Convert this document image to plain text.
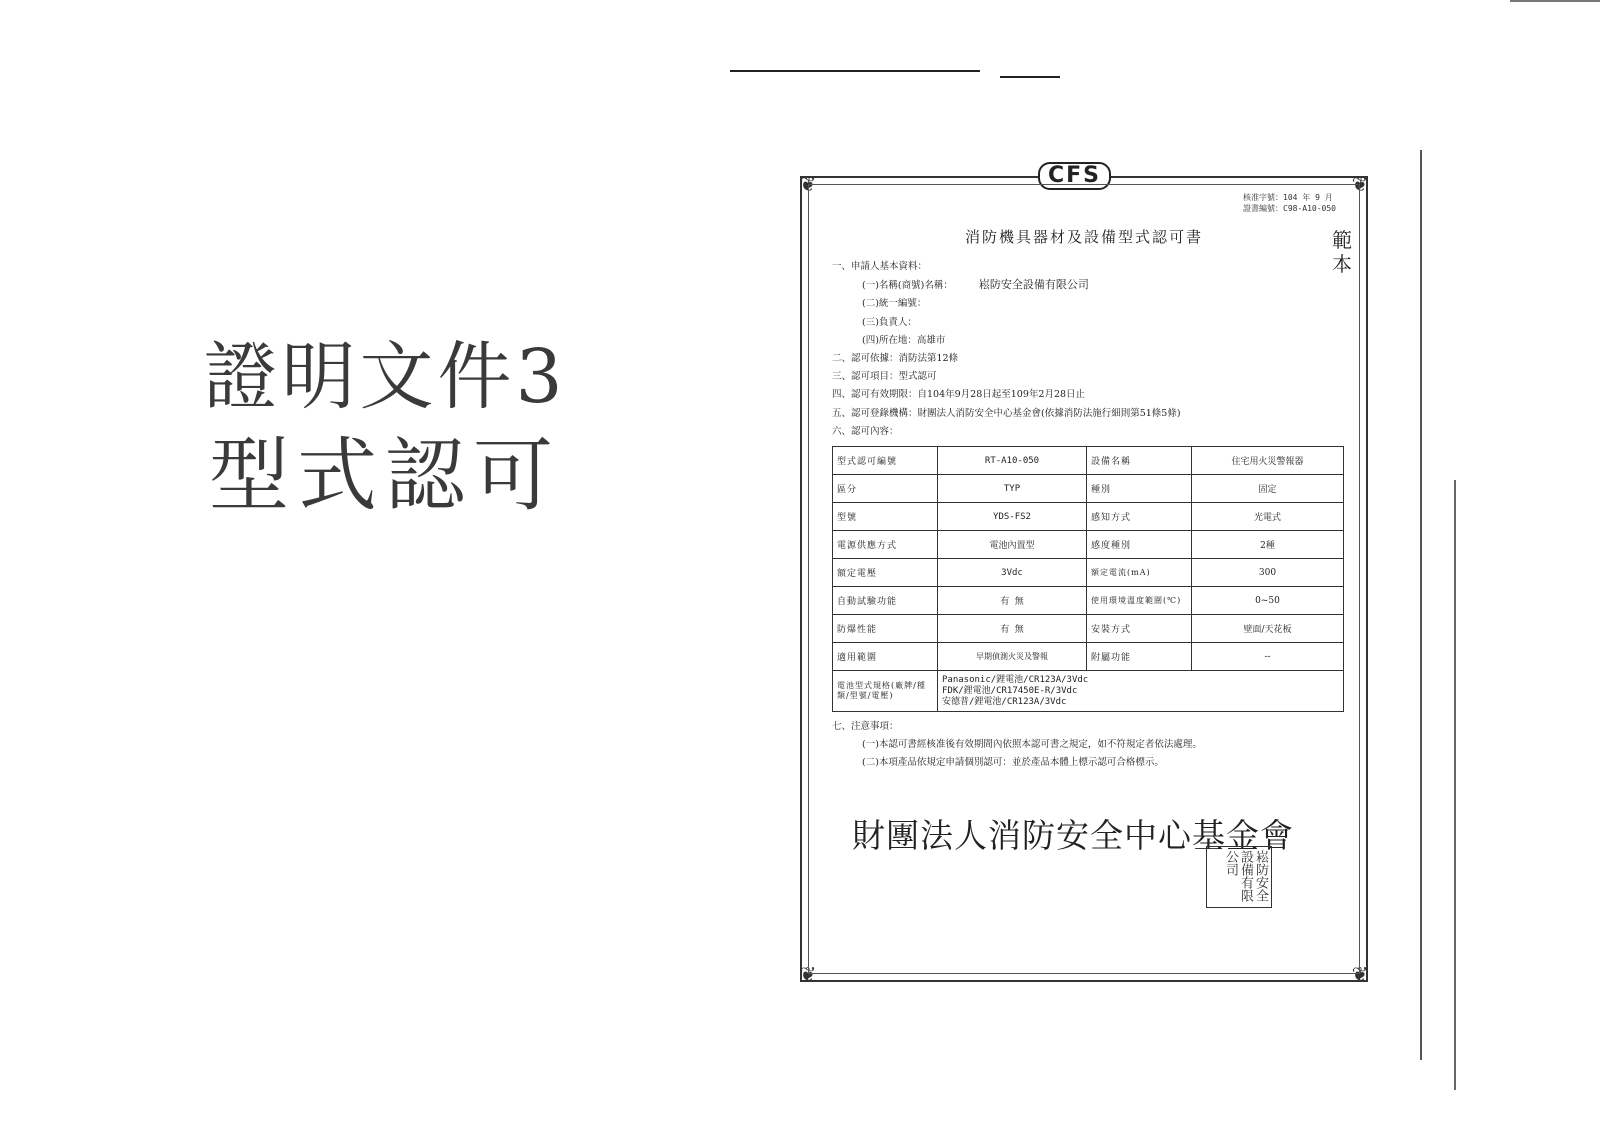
證明文件3
型式認可
❦	❦
❦	❦
CFS
核准字號：104 年 9 月
證書編號：C98-A10-050
範本
消防機具器材及設備型式認可書
一、申請人基本資料：
(一)名稱(商號)名稱： 崧防安全設備有限公司
(二)統一編號：
(三)負責人：
(四)所在地：高雄市
二、認可依據：消防法第12條
三、認可項目：型式認可
四、認可有效期限：自104年9月28日起至109年2月28日止
五、認可登錄機構：財團法人消防安全中心基金會(依據消防法施行細則第51條5條)
六、認可內容：
型式認可編號	RT-A10-050	設備名稱	住宅用火災警報器
區分	TYP	種別	固定
型號	YDS-FS2	感知方式	光電式
電源供應方式	電池內置型	感度種別	2種
額定電壓	3Vdc	額定電流(mA)	300
自動試驗功能	有 無	使用環境溫度範圍(℃)	0~50
防爆性能	有 無	安裝方式	壁面/天花板
適用範圍	早期偵測火災及警報	附屬功能	--
電池型式規格(廠牌/種類/型號/電壓)	Panasonic/鋰電池/CR123A/3Vdc
FDK/鋰電池/CR17450E-R/3Vdc
安德普/鋰電池/CR123A/3Vdc		
七、注意事項：
(一)本認可書經核准後有效期間內依照本認可書之規定，如不符規定者依法處理。
(二)本項產品依規定申請個別認可：並於產品本體上標示認可合格標示。
財團法人消防安全中心基金會
崧防安全設備有限公司
